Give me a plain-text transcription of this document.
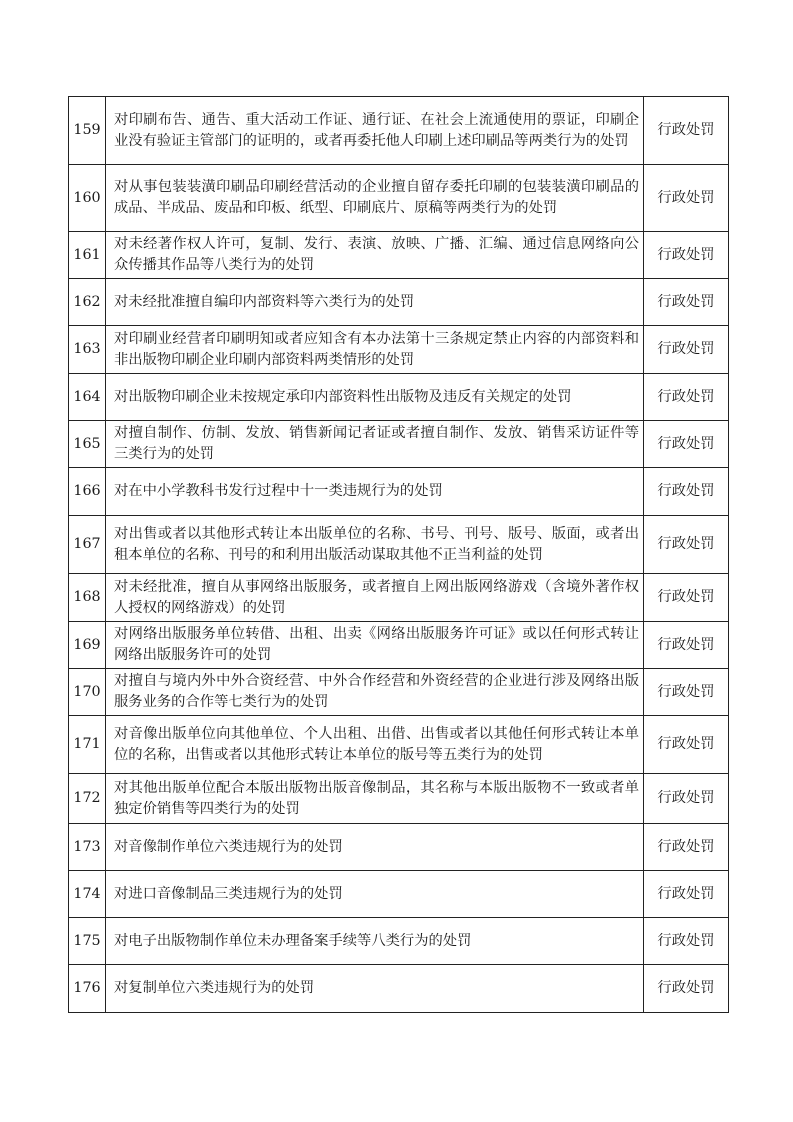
159	对印刷布告、通告、重大活动工作证、通行证、在社会上流通使用的票证，印刷企业没有验证主管部门的证明的，或者再委托他人印刷上述印刷品等两类行为的处罚	行政处罚
160	对从事包装装潢印刷品印刷经营活动的企业擅自留存委托印刷的包装装潢印刷品的成品、半成品、废品和印板、纸型、印刷底片、原稿等两类行为的处罚	行政处罚
161	对未经著作权人许可，复制、发行、表演、放映、广播、汇编、通过信息网络向公众传播其作品等八类行为的处罚	行政处罚
162	对未经批准擅自编印内部资料等六类行为的处罚	行政处罚
163	对印刷业经营者印刷明知或者应知含有本办法第十三条规定禁止内容的内部资料和非出版物印刷企业印刷内部资料两类情形的处罚	行政处罚
164	对出版物印刷企业未按规定承印内部资料性出版物及违反有关规定的处罚	行政处罚
165	对擅自制作、仿制、发放、销售新闻记者证或者擅自制作、发放、销售采访证件等三类行为的处罚	行政处罚
166	对在中小学教科书发行过程中十一类违规行为的处罚	行政处罚
167	对出售或者以其他形式转让本出版单位的名称、书号、刊号、版号、版面，或者出租本单位的名称、刊号的和利用出版活动谋取其他不正当利益的处罚	行政处罚
168	对未经批准，擅自从事网络出版服务，或者擅自上网出版网络游戏（含境外著作权人授权的网络游戏）的处罚	行政处罚
169	对网络出版服务单位转借、出租、出卖《网络出版服务许可证》或以任何形式转让网络出版服务许可的处罚	行政处罚
170	对擅自与境内外中外合资经营、中外合作经营和外资经营的企业进行涉及网络出版服务业务的合作等七类行为的处罚	行政处罚
171	对音像出版单位向其他单位、个人出租、出借、出售或者以其他任何形式转让本单位的名称，出售或者以其他形式转让本单位的版号等五类行为的处罚	行政处罚
172	对其他出版单位配合本版出版物出版音像制品，其名称与本版出版物不一致或者单独定价销售等四类行为的处罚	行政处罚
173	对音像制作单位六类违规行为的处罚	行政处罚
174	对进口音像制品三类违规行为的处罚	行政处罚
175	对电子出版物制作单位未办理备案手续等八类行为的处罚	行政处罚
176	对复制单位六类违规行为的处罚	行政处罚
